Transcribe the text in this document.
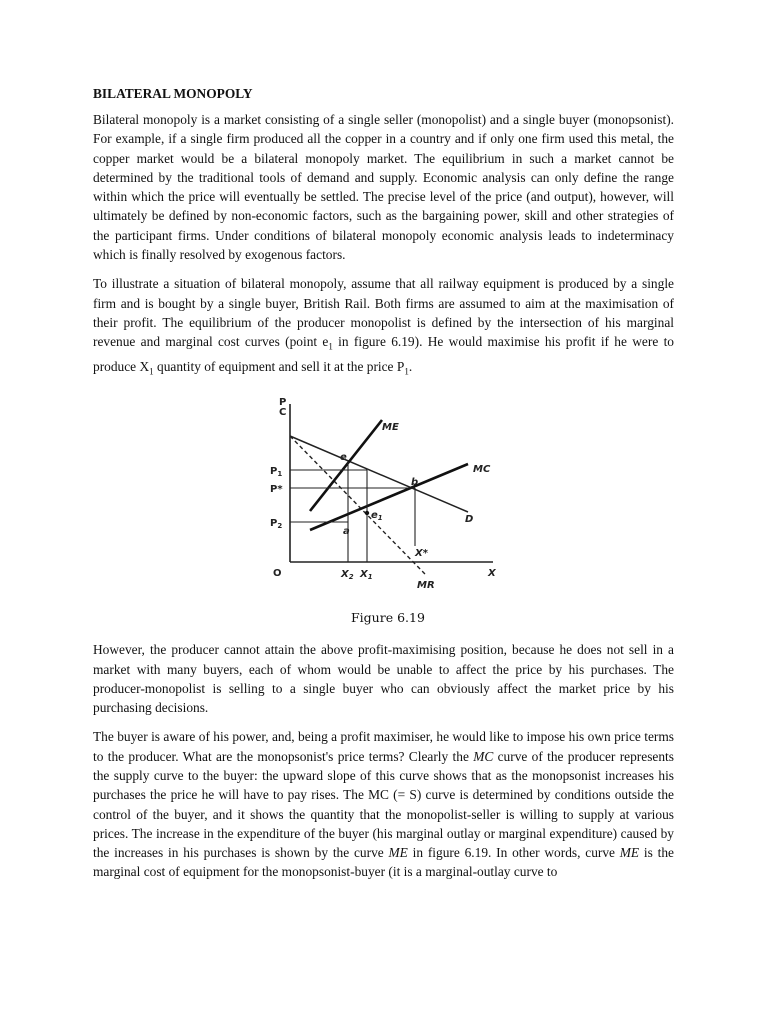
BILATERAL MONOPOLY

Bilateral monopoly is a market consisting of a single seller (monopolist) and a single buyer (monopsonist). For example, if a single firm produced all the copper in a country and if only one firm used this metal, the copper market would be a bilateral monopoly market. The equilibrium in such a market cannot be determined by the traditional tools of demand and supply. Economic analysis can only define the range within which the price will eventually be settled. The precise level of the price (and output), however, will ultimately be defined by non-economic factors, such as the bargaining power, skill and other strategies of the participant firms. Under conditions of bilateral monopoly economic analysis leads to indeterminacy which is finally resolved by exogenous factors.

To illustrate a situation of bilateral monopoly, assume that all railway equipment is produced by a single firm and is bought by a single buyer, British Rail. Both firms are assumed to aim at the maximisation of their profit. The equilibrium of the producer monopolist is defined by the intersection of his marginal revenue and marginal cost curves (point $e_1$ in figure 6.19). He would maximise his profit if he were to produce $X_1$ quantity of equipment and sell it at the price $P_1$.

P
C
O	X
$P_1$
P*
$P_2$
$X_2$ $X_1$
X*
ME
MC
D
MR
e
$e_1$
a
b
Figure 6.19

However, the producer cannot attain the above profit-maximising position, because he does not sell in a market with many buyers, each of whom would be unable to affect the price by his purchases. The producer-monopolist is selling to a single buyer who can obviously affect the market price by his purchasing decisions.

The buyer is aware of his power, and, being a profit maximiser, he would like to impose his own price terms to the producer. What are the monopsonist's price terms? Clearly the MC curve of the producer represents the supply curve to the buyer: the upward slope of this curve shows that as the monopsonist increases his purchases the price he will have to pay rises. The MC (= S) curve is determined by conditions outside the control of the buyer, and it shows the quantity that the monopolist-seller is willing to supply at various prices. The increase in the expenditure of the buyer (his marginal outlay or marginal expenditure) caused by the increases in his purchases is shown by the curve ME in figure 6.19. In other words, curve ME is the marginal cost of equipment for the monopsonist-buyer (it is a marginal-outlay curve to
